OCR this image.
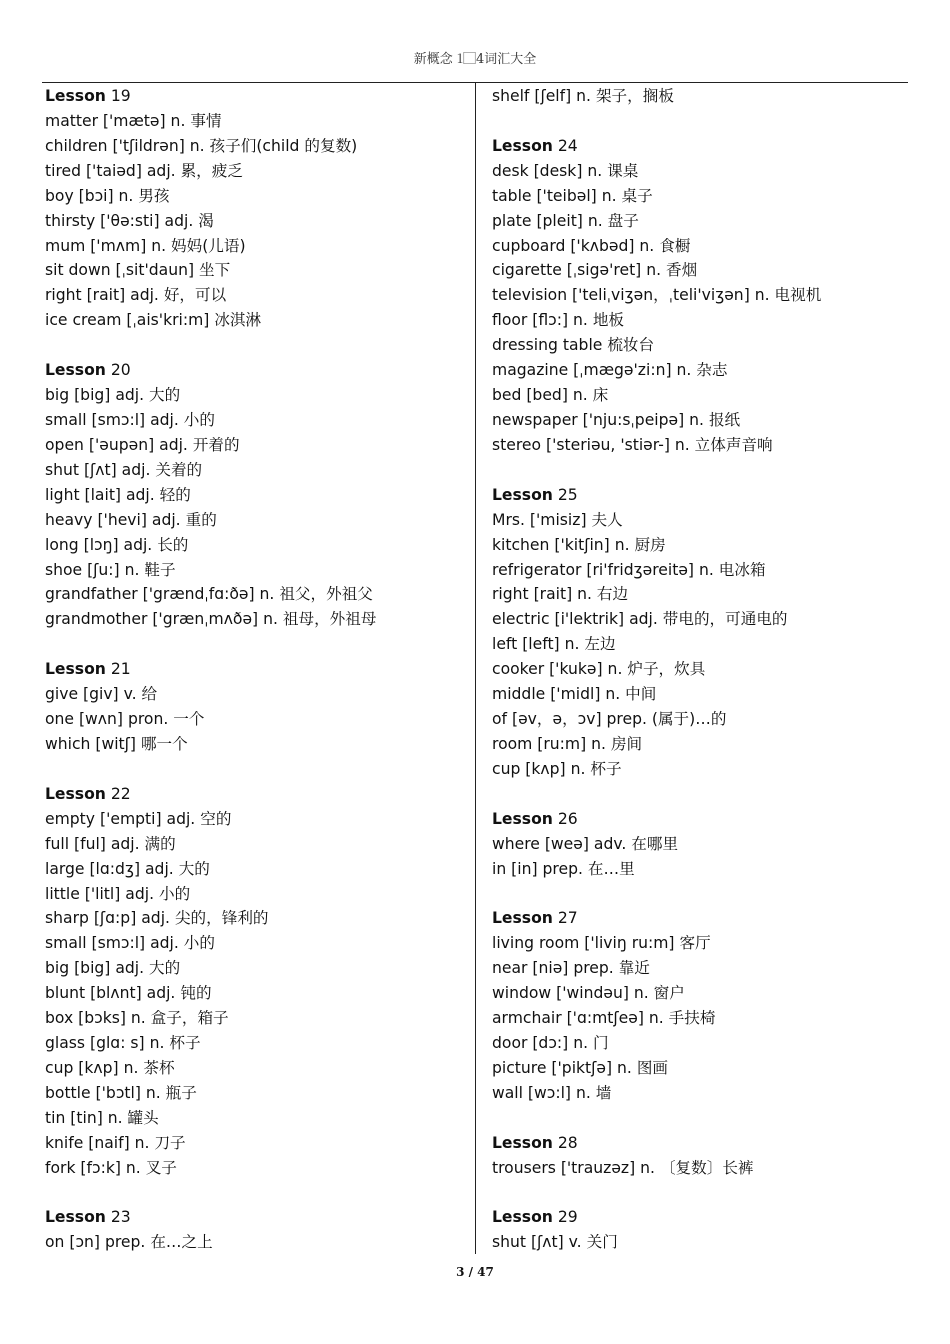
新概念 1⃞4词汇大全
Lesson 19
matter ['mætə] n. 事情
children ['tʃildrən] n. 孩子们(child 的复数)
tired ['taiəd] adj. 累，疲乏
boy [bɔi] n. 男孩
thirsty ['θə:sti] adj. 渴
mum ['mʌm] n. 妈妈(儿语)
sit down [ˌsit'daun] 坐下
right [rait] adj. 好，可以
ice cream [ˌais'kri:m] 冰淇淋
Lesson 20
big [big] adj. 大的
small [smɔ:l] adj. 小的
open ['əupən] adj. 开着的
shut [ʃʌt] adj. 关着的
light [lait] adj. 轻的
heavy ['hevi] adj. 重的
long [lɔŋ] adj. 长的
shoe [ʃu:] n. 鞋子
grandfather ['grændˌfɑ:ðə] n. 祖父，外祖父
grandmother ['grænˌmʌðə] n. 祖母，外祖母
Lesson 21
give [giv] v. 给
one [wʌn] pron. 一个
which [witʃ] 哪一个
Lesson 22
empty ['empti] adj. 空的
full [ful] adj. 满的
large [lɑ:dʒ] adj. 大的
little ['litl] adj. 小的
sharp [ʃɑ:p] adj. 尖的，锋利的
small [smɔ:l] adj. 小的
big [big] adj. 大的
blunt [blʌnt] adj. 钝的
box [bɔks] n. 盒子，箱子
glass [glɑ: s] n. 杯子
cup [kʌp] n. 茶杯
bottle ['bɔtl] n. 瓶子
tin [tin] n. 罐头
knife [naif] n. 刀子
fork [fɔ:k] n. 叉子
Lesson 23
on [ɔn] prep. 在…之上
shelf [ʃelf] n. 架子，搁板
Lesson 24
desk [desk] n. 课桌
table ['teibəl] n. 桌子
plate [pleit] n. 盘子
cupboard ['kʌbəd] n. 食橱
cigarette [ˌsigə'ret] n. 香烟
television ['teliˌviʒən，ˌteli'viʒən] n. 电视机
floor [flɔ:] n. 地板
dressing table 梳妆台
magazine [ˌmægə'zi:n] n. 杂志
bed [bed] n. 床
newspaper ['nju:sˌpeipə] n. 报纸
stereo ['steriəu, 'stiər-] n. 立体声音响
Lesson 25
Mrs. ['misiz] 夫人
kitchen ['kitʃin] n. 厨房
refrigerator [ri'fridʒəreitə] n. 电冰箱
right [rait] n. 右边
electric [i'lektrik] adj. 带电的，可通电的
left [left] n. 左边
cooker ['kukə] n. 炉子，炊具
middle ['midl] n. 中间
of [əv，ə，ɔv] prep. (属于)…的
room [ru:m] n. 房间
cup [kʌp] n. 杯子
Lesson 26
where [weə] adv. 在哪里
in [in] prep. 在…里
Lesson 27
living room ['liviŋ ru:m] 客厅
near [niə] prep. 靠近
window ['windəu] n. 窗户
armchair ['ɑ:mtʃeə] n. 手扶椅
door [dɔ:] n. 门
picture ['piktʃə] n. 图画
wall [wɔ:l] n. 墙
Lesson 28
trousers ['trauzəz] n. 〔复数〕长裤
Lesson 29
shut [ʃʌt] v. 关门
3 / 47
